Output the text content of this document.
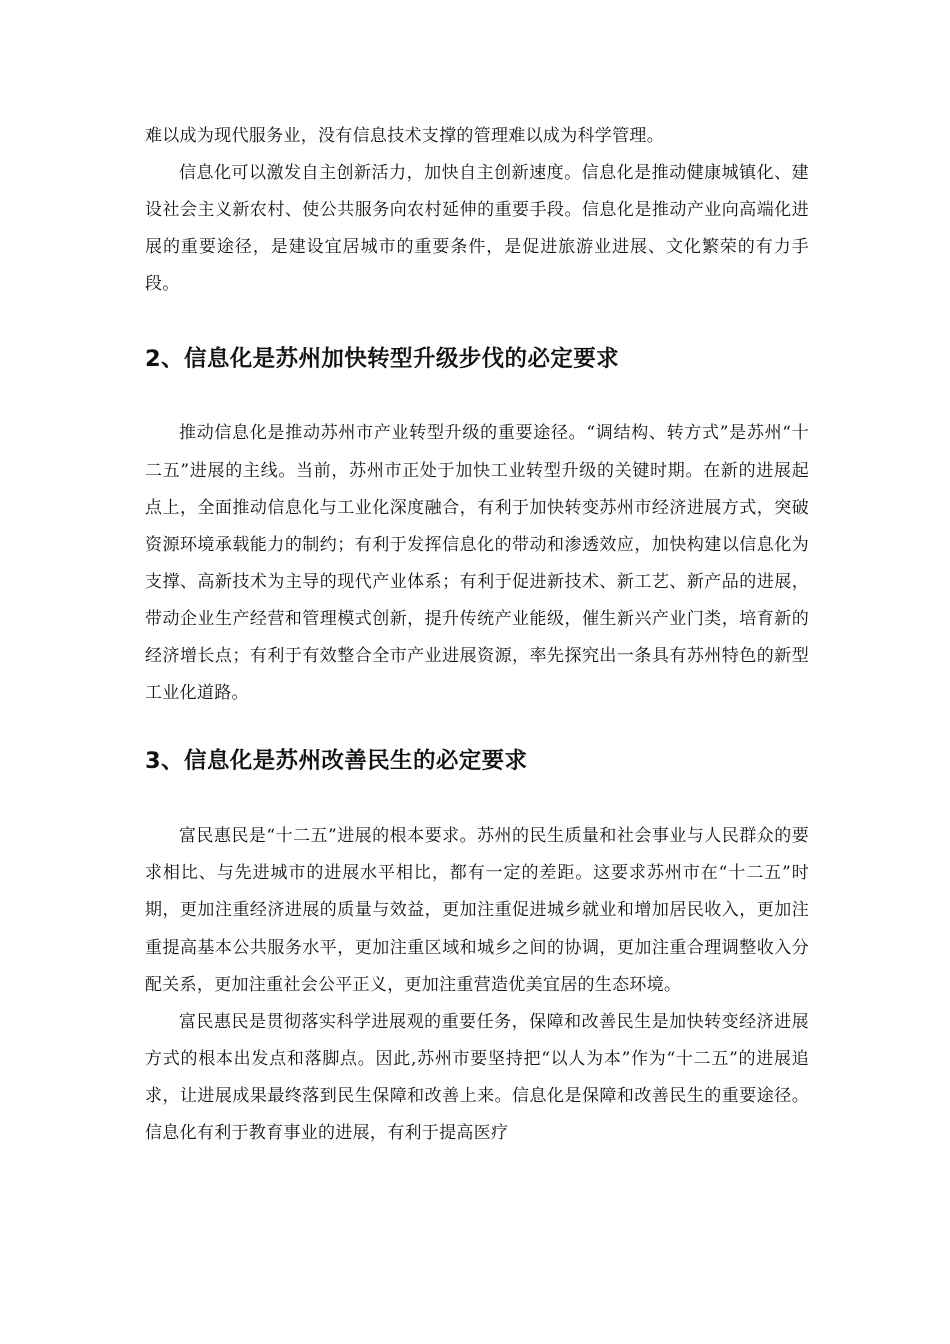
难以成为现代服务业，没有信息技术支撑的管理难以成为科学管理。

信息化可以激发自主创新活力，加快自主创新速度。信息化是推动健康城镇化、建设社会主义新农村、使公共服务向农村延伸的重要手段。信息化是推动产业向高端化进展的重要途径，是建设宜居城市的重要条件，是促进旅游业进展、文化繁荣的有力手段。

2、信息化是苏州加快转型升级步伐的必定要求

推动信息化是推动苏州市产业转型升级的重要途径。“调结构、转方式”是苏州“十二五”进展的主线。当前，苏州市正处于加快工业转型升级的关键时期。在新的进展起点上，全面推动信息化与工业化深度融合，有利于加快转变苏州市经济进展方式，突破资源环境承载能力的制约；有利于发挥信息化的带动和渗透效应，加快构建以信息化为支撑、高新技术为主导的现代产业体系；有利于促进新技术、新工艺、新产品的进展，带动企业生产经营和管理模式创新，提升传统产业能级，催生新兴产业门类，培育新的经济增长点；有利于有效整合全市产业进展资源，率先探究出一条具有苏州特色的新型工业化道路。

3、信息化是苏州改善民生的必定要求

富民惠民是“十二五”进展的根本要求。苏州的民生质量和社会事业与人民群众的要求相比、与先进城市的进展水平相比，都有一定的差距。这要求苏州市在“十二五”时期，更加注重经济进展的质量与效益，更加注重促进城乡就业和增加居民收入，更加注重提高基本公共服务水平，更加注重区域和城乡之间的协调，更加注重合理调整收入分配关系，更加注重社会公平正义，更加注重营造优美宜居的生态环境。

富民惠民是贯彻落实科学进展观的重要任务，保障和改善民生是加快转变经济进展方式的根本出发点和落脚点。因此,苏州市要坚持把“以人为本”作为“十二五”的进展追求，让进展成果最终落到民生保障和改善上来。信息化是保障和改善民生的重要途径。信息化有利于教育事业的进展，有利于提高医疗
